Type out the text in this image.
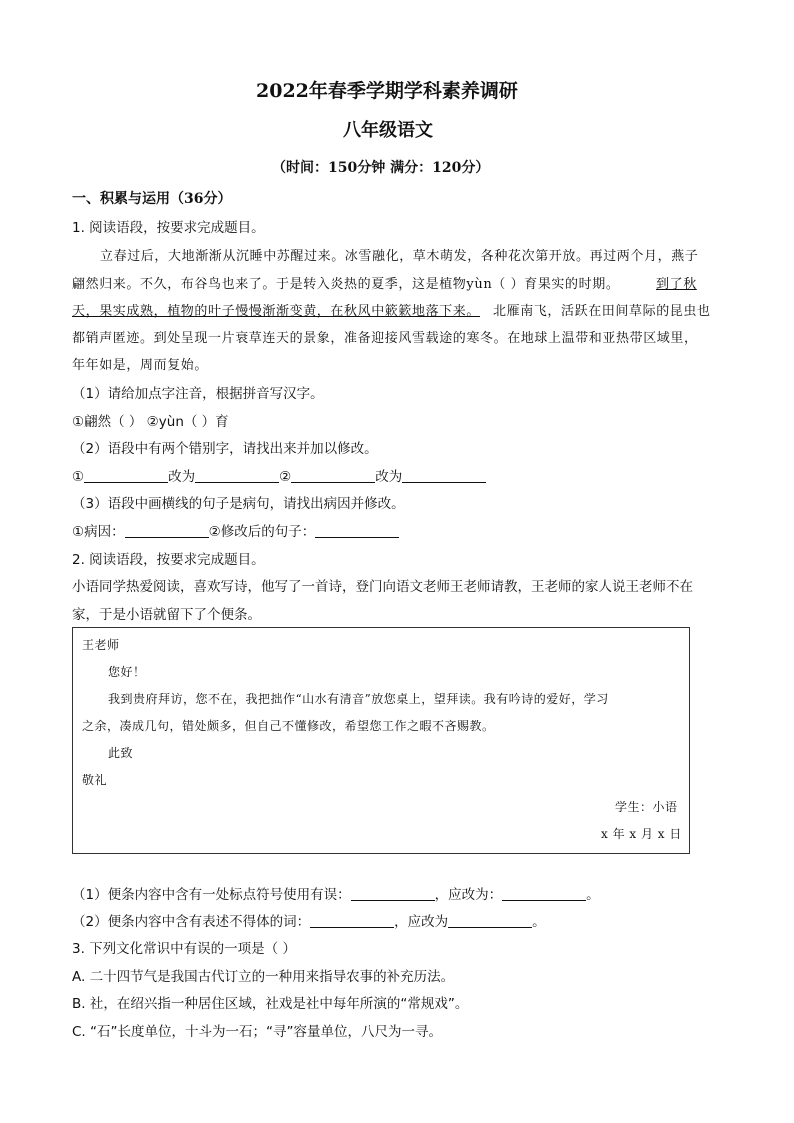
2022年春季学期学科素养调研
八年级语文
（时间：150分钟 满分：120分）
一、积累与运用（36分）
1. 阅读语段，按要求完成题目。
立春过后，大地渐渐从沉睡中苏醒过来。冰雪融化，草木萌发，各种花次第开放。再过两个月，燕子
翩然归来。不久，布谷鸟也来了。于是转入炎热的夏季，这是植物yùn（ ）育果实的时期。	到了秋
天，果实成熟，植物的叶子慢慢渐渐变黄，在秋风中簌簌地落下来。 北雁南飞，活跃在田间草际的昆虫也
都销声匿迹。到处呈现一片衰草连天的景象，准备迎接风雪载途的寒冬。在地球上温带和亚热带区域里，
年年如是，周而复始。
（1）请给加点字注音，根据拼音写汉字。
①翩然（ ） ②yùn（ ）育
（2）语段中有两个错别字，请找出来并加以修改。
①	改为	②	改为
（3）语段中画横线的句子是病句，请找出病因并修改。
①病因：	②修改后的句子：
2. 阅读语段，按要求完成题目。
小语同学热爱阅读，喜欢写诗，他写了一首诗，登门向语文老师王老师请教，王老师的家人说王老师不在
家，于是小语就留下了个便条。
王老师
您好！
我到贵府拜访，您不在，我把拙作“山水有清音”放您桌上，望拜读。我有吟诗的爱好，学习
之余，凑成几句，错处颇多，但自己不懂修改，希望您工作之暇不吝赐教。
此致
敬礼
学生：小语
x 年 x 月 x 日
（1）便条内容中含有一处标点符号使用有误：	，应改为：	。
（2）便条内容中含有表述不得体的词：	，应改为	。
3. 下列文化常识中有误的一项是（ ）
A. 二十四节气是我国古代订立的一种用来指导农事的补充历法。
B. 社，在绍兴指一种居住区域，社戏是社中每年所演的“常规戏”。
C. “石”长度单位，十斗为一石；“寻”容量单位，八尺为一寻。
